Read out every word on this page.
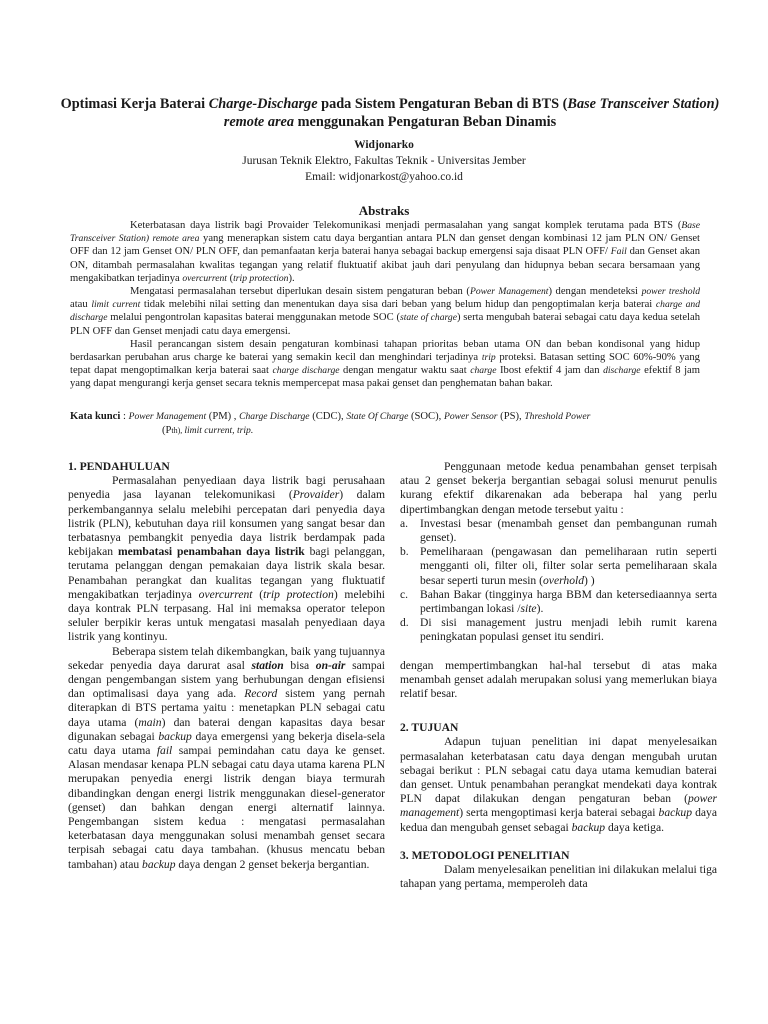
Optimasi Kerja Baterai Charge-Discharge pada Sistem Pengaturan Beban di BTS (Base Transceiver Station) remote area menggunakan Pengaturan Beban Dinamis
Widjonarko
Jurusan Teknik Elektro, Fakultas Teknik - Universitas Jember
Email: widjonarkost@yahoo.co.id
Abstraks

Keterbatasan daya listrik bagi Provaider Telekomunikasi menjadi permasalahan yang sangat komplek terutama pada BTS (Base Transceiver Station) remote area yang menerapkan sistem catu daya bergantian antara PLN dan genset dengan kombinasi 12 jam PLN ON/ Genset OFF dan 12 jam Genset ON/ PLN OFF, dan pemanfaatan kerja baterai hanya sebagai backup emergensi saja disaat PLN OFF/ Fail dan Genset akan ON, ditambah permasalahan kwalitas tegangan yang relatif fluktuatif akibat jauh dari penyulang dan hidupnya beban secara bersamaan yang mengakibatkan terjadinya overcurrent (trip protection).

Mengatasi permasalahan tersebut diperlukan desain sistem pengaturan beban (Power Management) dengan mendeteksi power treshold atau limit current tidak melebihi nilai setting dan menentukan daya sisa dari beban yang belum hidup dan pengoptimalan kerja baterai charge and discharge melalui pengontrolan kapasitas baterai menggunakan metode SOC (state of charge) serta mengubah baterai sebagai catu daya kedua setelah PLN OFF dan Genset menjadi catu daya emergensi.

Hasil perancangan sistem desain pengaturan kombinasi tahapan prioritas beban utama ON dan beban kondisonal yang hidup berdasarkan perubahan arus charge ke baterai yang semakin kecil dan menghindari terjadinya trip proteksi. Batasan setting SOC 60%-90% yang tepat dapat mengoptimalkan kerja baterai saat charge discharge dengan mengatur waktu saat charge Ibost efektif 4 jam dan discharge efektif 8 jam yang dapat mengurangi kerja genset secara teknis mempercepat masa pakai genset dan penghematan bahan bakar.

Kata kunci : Power Management (PM) , Charge Discharge (CDC), State Of Charge (SOC), Power Sensor (PS), Threshold Power
(Pth), limit current, trip.

1. PENDAHULUAN

Permasalahan penyediaan daya listrik bagi perusahaan penyedia jasa layanan telekomunikasi (Provaider) dalam perkembangannya selalu melebihi percepatan dari penyedia daya listrik (PLN), kebutuhan daya riil konsumen yang sangat besar dan terbatasnya pembangkit penyedia daya listrik berdampak pada kebijakan membatasi penambahan daya listrik bagi pelanggan, terutama pelanggan dengan pemakaian daya listrik skala besar. Penambahan perangkat dan kualitas tegangan yang fluktuatif mengakibatkan terjadinya overcurrent (trip protection) melebihi daya kontrak PLN terpasang. Hal ini memaksa operator telepon seluler berpikir keras untuk mengatasi masalah penyediaan daya listrik yang kontinyu.

Beberapa sistem telah dikembangkan, baik yang tujuannya sekedar penyedia daya darurat asal station bisa on-air sampai dengan pengembangan sistem yang berhubungan dengan efisiensi dan optimalisasi daya yang ada. Record sistem yang pernah diterapkan di BTS pertama yaitu : menetapkan PLN sebagai catu daya utama (main) dan baterai dengan kapasitas daya besar digunakan sebagai backup daya emergensi yang bekerja disela-sela catu daya utama fail sampai pemindahan catu daya ke genset. Alasan mendasar kenapa PLN sebagai catu daya utama karena PLN merupakan penyedia energi listrik dengan biaya termurah dibandingkan dengan energi listrik menggunakan diesel-generator (genset) dan bahkan dengan energi alternatif lainnya. Pengembangan sistem kedua : mengatasi permasalahan keterbatasan daya menggunakan solusi menambah genset secara terpisah sebagai catu daya tambahan. (khusus mencatu beban tambahan) atau backup daya dengan 2 genset bekerja bergantian.

Penggunaan metode kedua penambahan genset terpisah atau 2 genset bekerja bergantian sebagai solusi menurut penulis kurang efektif dikarenakan ada beberapa hal yang perlu dipertimbangkan dengan metode tersebut yaitu :

a. Investasi besar (menambah genset dan pembangunan rumah genset).
b. Pemeliharaan (pengawasan dan pemeliharaan rutin seperti mengganti oli, filter oli, filter solar serta pemeliharaan skala besar seperti turun mesin (overhold) )
c. Bahan Bakar (tingginya harga BBM dan ketersediaannya serta pertimbangan lokasi /site).
d. Di sisi management justru menjadi lebih rumit karena peningkatan populasi genset itu sendiri.

dengan mempertimbangkan hal-hal tersebut di atas maka menambah genset adalah merupakan solusi yang memerlukan biaya relatif besar.

2. TUJUAN

Adapun tujuan penelitian ini dapat menyelesaikan permasalahan keterbatasan catu daya dengan mengubah urutan sebagai berikut : PLN sebagai catu daya utama kemudian baterai dan genset. Untuk penambahan perangkat mendekati daya kontrak PLN dapat dilakukan dengan pengaturan beban (power management) serta mengoptimasi kerja baterai sebagai backup daya kedua dan mengubah genset sebagai backup daya ketiga.

3. METODOLOGI PENELITIAN

Dalam menyelesaikan penelitian ini dilakukan melalui tiga tahapan yang pertama, memperoleh data
